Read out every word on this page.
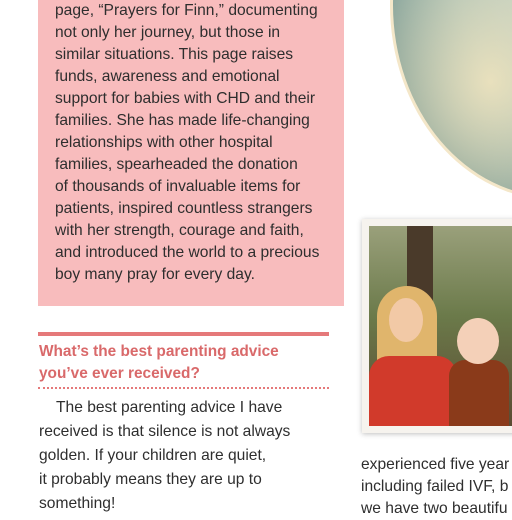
page, “Prayers for Finn,” documenting
not only her journey, but those in
similar situations. This page raises
funds, awareness and emotional
support for babies with CHD and their
families. She has made life-changing
relationships with other hospital
families, spearheaded the donation
of thousands of invaluable items for
patients, inspired countless strangers
with her strength, courage and faith,
and introduced the world to a precious
boy many pray for every day.

What’s the best parenting advice
you’ve ever received?

The best parenting advice I have
received is that silence is not always
golden. If your children are quiet,
it probably means they are up to
something!

experienced five year
including failed IVF, b
we have two beautifu
